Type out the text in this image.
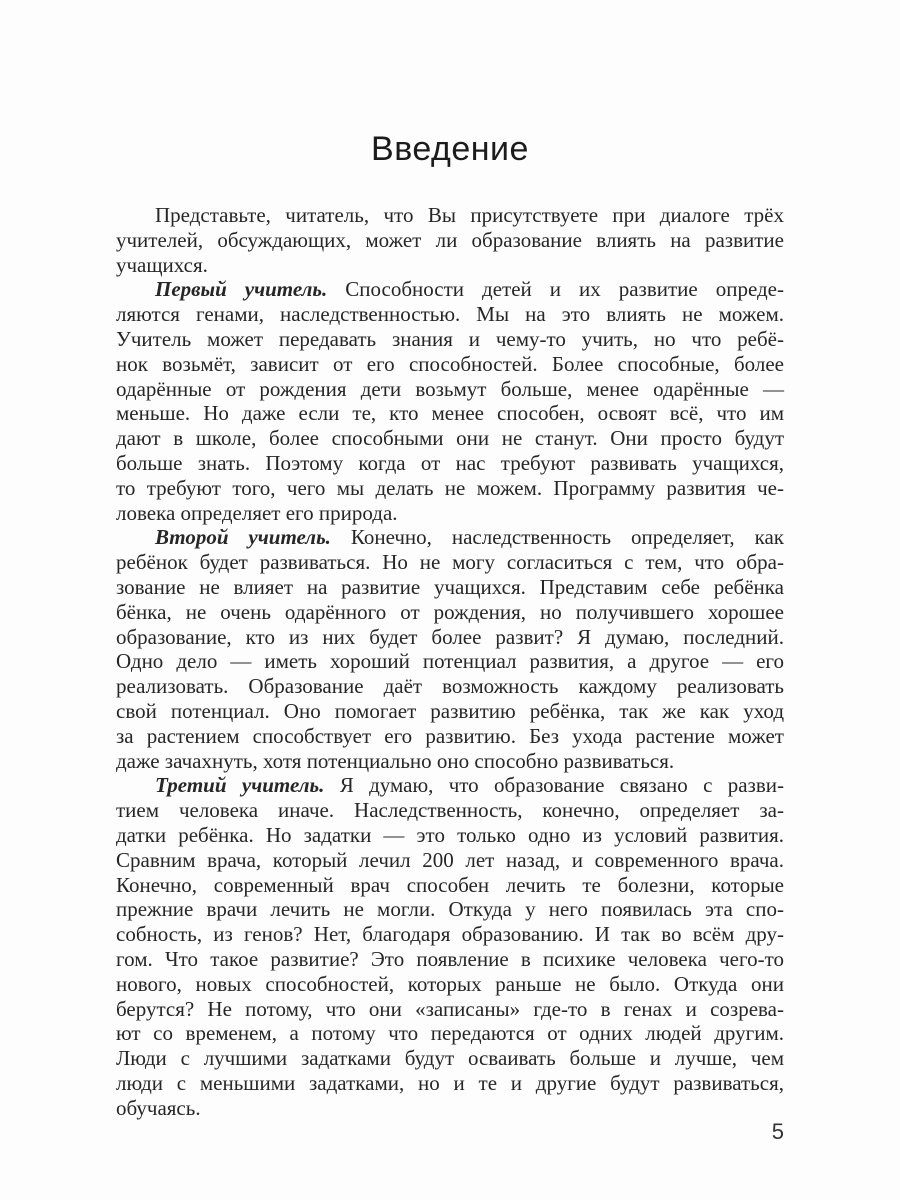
Введение
Представьте, читатель, что Вы присутствуете при диалоге трёх
учителей, обсуждающих, может ли образование влиять на развитие
учащихся.
Первый учитель. Способности детей и их развитие опреде-
ляются генами, наследственностью. Мы на это влиять не можем.
Учитель может передавать знания и чему-то учить, но что ребё-
нок возьмёт, зависит от его способностей. Более способные, более
одарённые от рождения дети возьмут больше, менее одарённые —
меньше. Но даже если те, кто менее способен, освоят всё, что им
дают в школе, более способными они не станут. Они просто будут
больше знать. Поэтому когда от нас требуют развивать учащихся,
то требуют того, чего мы делать не можем. Программу развития че-
ловека определяет его природа.
Второй учитель. Конечно, наследственность определяет, как
ребёнок будет развиваться. Но не могу согласиться с тем, что обра-
зование не влияет на развитие учащихся. Представим себе ребёнка
бёнка, не очень одарённого от рождения, но получившего хорошее
образование, кто из них будет более развит? Я думаю, последний.
Одно дело — иметь хороший потенциал развития, а другое — его
реализовать. Образование даёт возможность каждому реализовать
свой потенциал. Оно помогает развитию ребёнка, так же как уход
за растением способствует его развитию. Без ухода растение может
даже зачахнуть, хотя потенциально оно способно развиваться.
Третий учитель. Я думаю, что образование связано с разви-
тием человека иначе. Наследственность, конечно, определяет за-
датки ребёнка. Но задатки — это только одно из условий развития.
Сравним врача, который лечил 200 лет назад, и современного врача.
Конечно, современный врач способен лечить те болезни, которые
прежние врачи лечить не могли. Откуда у него появилась эта спо-
собность, из генов? Нет, благодаря образованию. И так во всём дру-
гом. Что такое развитие? Это появление в психике человека чего-то
нового, новых способностей, которых раньше не было. Откуда они
берутся? Не потому, что они «записаны» где-то в генах и созрева-
ют со временем, а потому что передаются от одних людей другим.
Люди с лучшими задатками будут осваивать больше и лучше, чем
люди с меньшими задатками, но и те и другие будут развиваться,
обучаясь.
5
